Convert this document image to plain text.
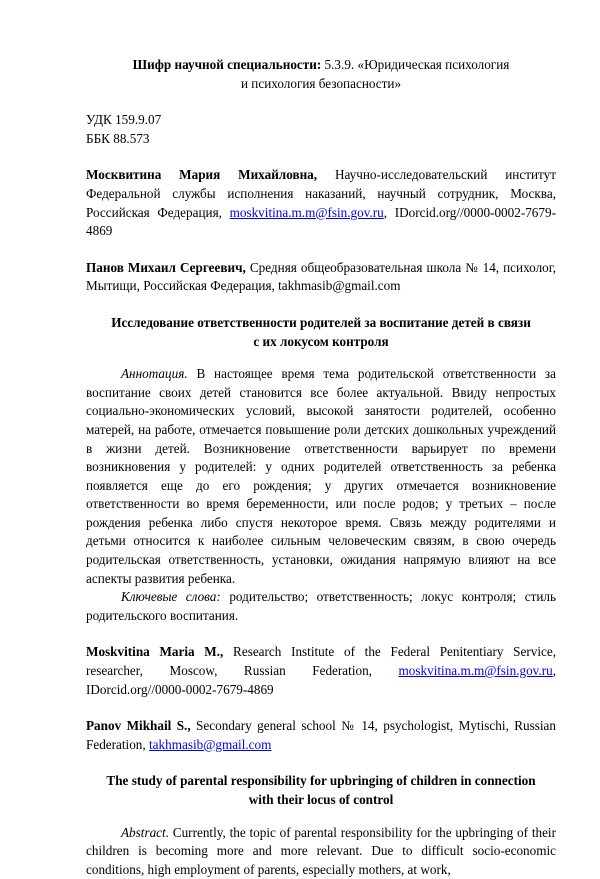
Шифр научной специальности: 5.3.9. «Юридическая психология
и психология безопасности»

УДК 159.9.07

ББК 88.573

Москвитина Мария Михайловна, Научно-исследовательский институт Федеральной службы исполнения наказаний, научный сотрудник, Москва, Российская Федерация, moskvitina.m.m@fsin.gov.ru, IDorcid.org//0000-0002-7679-4869

Панов Михаил Сергеевич, Средняя общеобразовательная школа № 14, психолог, Мытищи, Российская Федерация, takhmasib@gmail.com

Исследование ответственности родителей за воспитание детей в связи
с их локусом контроля

Аннотация. В настоящее время тема родительской ответственности за воспитание своих детей становится все более актуальной. Ввиду непростых социально-экономических условий, высокой занятости родителей, особенно матерей, на работе, отмечается повышение роли детских дошкольных учреждений в жизни детей. Возникновение ответственности варьирует по времени возникновения у родителей: у одних родителей ответственность за ребенка появляется еще до его рождения; у других отмечается возникновение ответственности во время беременности, или после родов; у третьих – после рождения ребенка либо спустя некоторое время. Связь между родителями и детьми относится к наиболее сильным человеческим связям, в свою очередь родительская ответственность, установки, ожидания напрямую влияют на все аспекты развития ребенка.

Ключевые слова: родительство; ответственность; локус контроля; стиль родительского воспитания.

Moskvitina Maria M., Research Institute of the Federal Penitentiary Service, researcher, Moscow, Russian Federation, moskvitina.m.m@fsin.gov.ru, IDorcid.org//0000-0002-7679-4869

Panov Mikhail S., Secondary general school № 14, psychologist, Mytischi, Russian Federation, takhmasib@gmail.com

The study of parental responsibility for upbringing of children in connection
with their locus of control

Abstract. Currently, the topic of parental responsibility for the upbringing of their children is becoming more and more relevant. Due to difficult socio-economic conditions, high employment of parents, especially mothers, at work,
